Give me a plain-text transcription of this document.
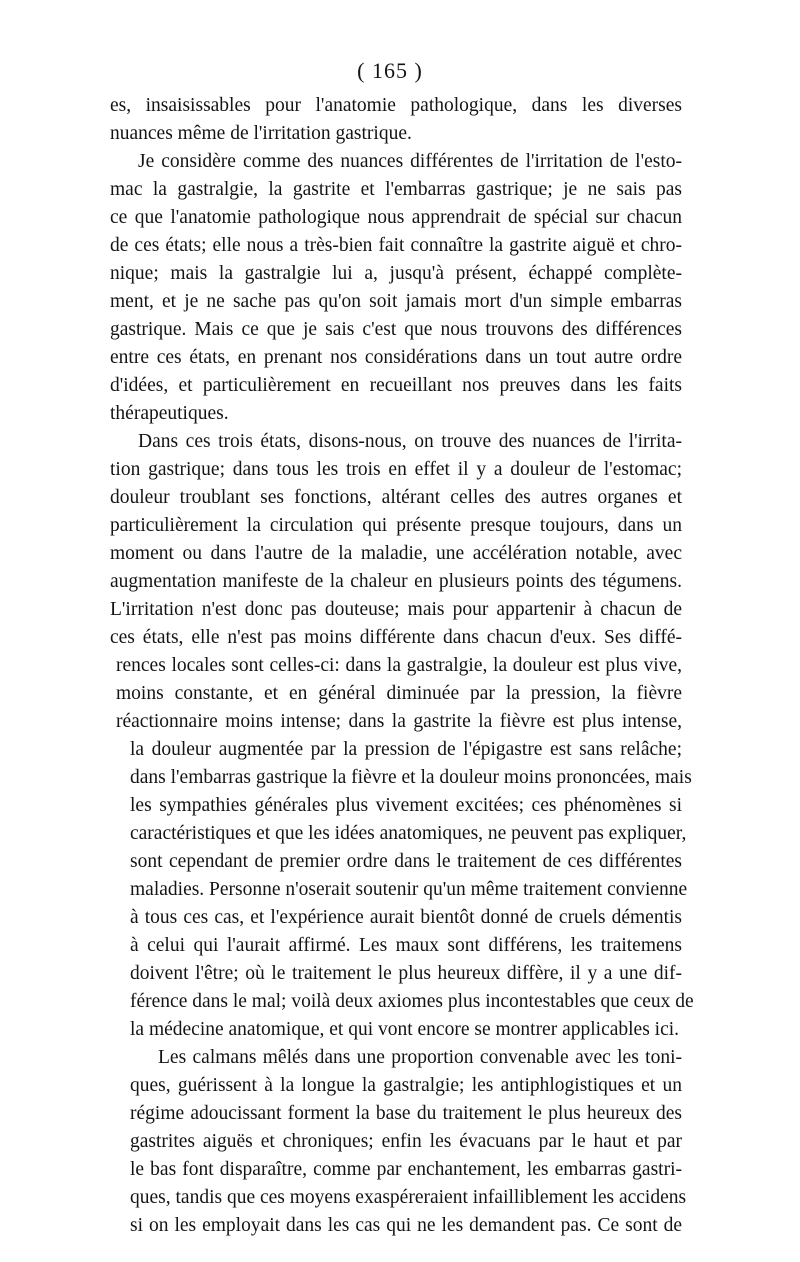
( 165 )
es, insaisissables pour l'anatomie pathologique, dans les diverses
nuances même de l'irritation gastrique.
Je considère comme des nuances différentes de l'irritation de l'esto-
mac la gastralgie, la gastrite et l'embarras gastrique; je ne sais pas
ce que l'anatomie pathologique nous apprendrait de spécial sur chacun
de ces états; elle nous a très-bien fait connaître la gastrite aiguë et chro-
nique; mais la gastralgie lui a, jusqu'à présent, échappé complète-
ment, et je ne sache pas qu'on soit jamais mort d'un simple embarras
gastrique. Mais ce que je sais c'est que nous trouvons des différences
entre ces états, en prenant nos considérations dans un tout autre ordre
d'idées, et particulièrement en recueillant nos preuves dans les faits
thérapeutiques.
Dans ces trois états, disons-nous, on trouve des nuances de l'irrita-
tion gastrique; dans tous les trois en effet il y a douleur de l'estomac;
douleur troublant ses fonctions, altérant celles des autres organes et
particulièrement la circulation qui présente presque toujours, dans un
moment ou dans l'autre de la maladie, une accélération notable, avec
augmentation manifeste de la chaleur en plusieurs points des tégumens.
L'irritation n'est donc pas douteuse; mais pour appartenir à chacun de
ces états, elle n'est pas moins différente dans chacun d'eux. Ses diffé-
rences locales sont celles-ci: dans la gastralgie, la douleur est plus vive,
moins constante, et en général diminuée par la pression, la fièvre
réactionnaire moins intense; dans la gastrite la fièvre est plus intense,
la douleur augmentée par la pression de l'épigastre est sans relâche;
dans l'embarras gastrique la fièvre et la douleur moins prononcées, mais
les sympathies générales plus vivement excitées; ces phénomènes si
caractéristiques et que les idées anatomiques, ne peuvent pas expliquer,
sont cependant de premier ordre dans le traitement de ces différentes
maladies. Personne n'oserait soutenir qu'un même traitement convienne
à tous ces cas, et l'expérience aurait bientôt donné de cruels démentis
à celui qui l'aurait affirmé. Les maux sont différens, les traitemens
doivent l'être; où le traitement le plus heureux diffère, il y a une dif-
férence dans le mal; voilà deux axiomes plus incontestables que ceux de
la médecine anatomique, et qui vont encore se montrer applicables ici.
Les calmans mêlés dans une proportion convenable avec les toni-
ques, guérissent à la longue la gastralgie; les antiphlogistiques et un
régime adoucissant forment la base du traitement le plus heureux des
gastrites aiguës et chroniques; enfin les évacuans par le haut et par
le bas font disparaître, comme par enchantement, les embarras gastri-
ques, tandis que ces moyens exaspéreraient infailliblement les accidens
si on les employait dans les cas qui ne les demandent pas. Ce sont de
